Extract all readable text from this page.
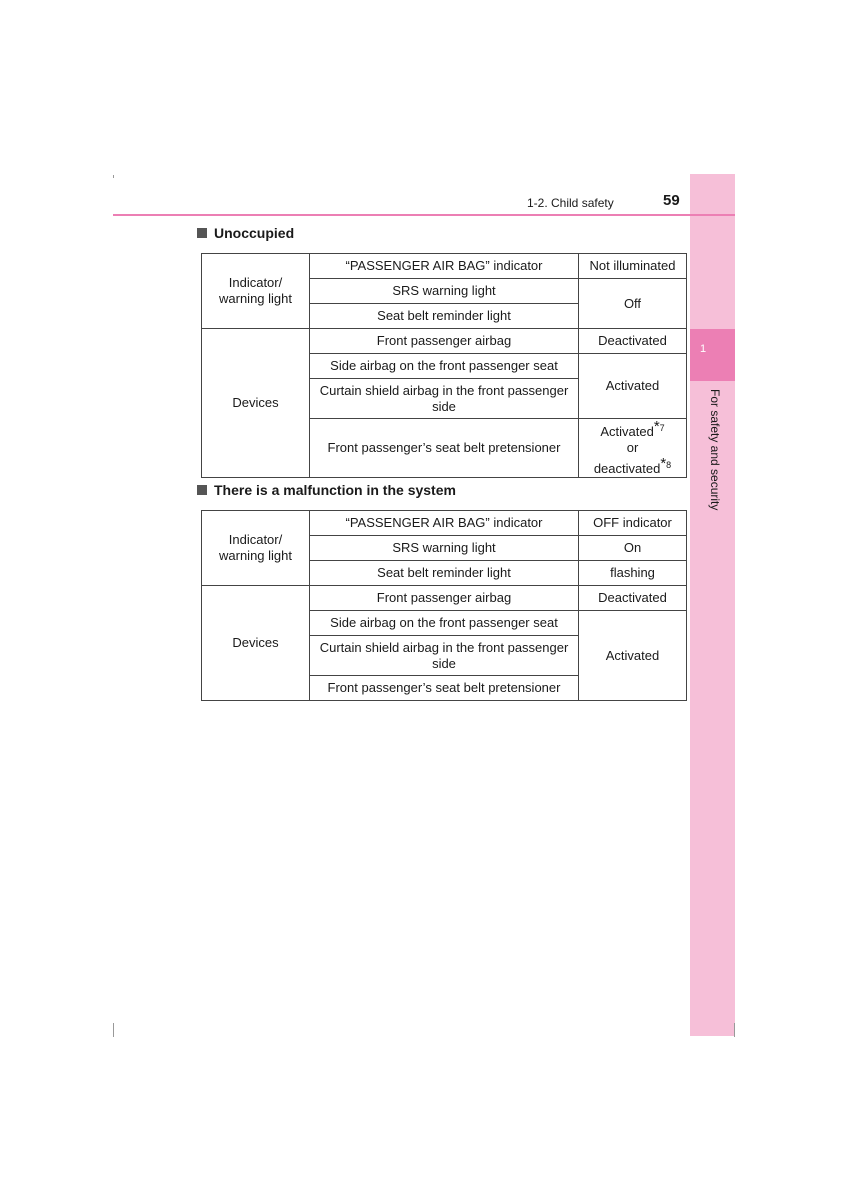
1
For safety and security
1-2. Child safety	59
Unoccupied
Indicator/ warning light	“PASSENGER AIR BAG” indicator	Not illuminated
	SRS warning light	Off
	Seat belt reminder light	
Devices	Front passenger airbag	Deactivated
	Side airbag on the front passenger seat	Activated
	Curtain shield airbag in the front passenger side	
	Front passenger’s seat belt pretensioner	Activated$^{*7}$
or
deactivated$^{*8}$
There is a malfunction in the system
Indicator/ warning light	“PASSENGER AIR BAG” indicator	OFF indicator
	SRS warning light	On
	Seat belt reminder light	flashing
Devices	Front passenger airbag	Deactivated
	Side airbag on the front passenger seat	Activated
	Curtain shield airbag in the front passenger side	
	Front passenger’s seat belt pretensioner	
